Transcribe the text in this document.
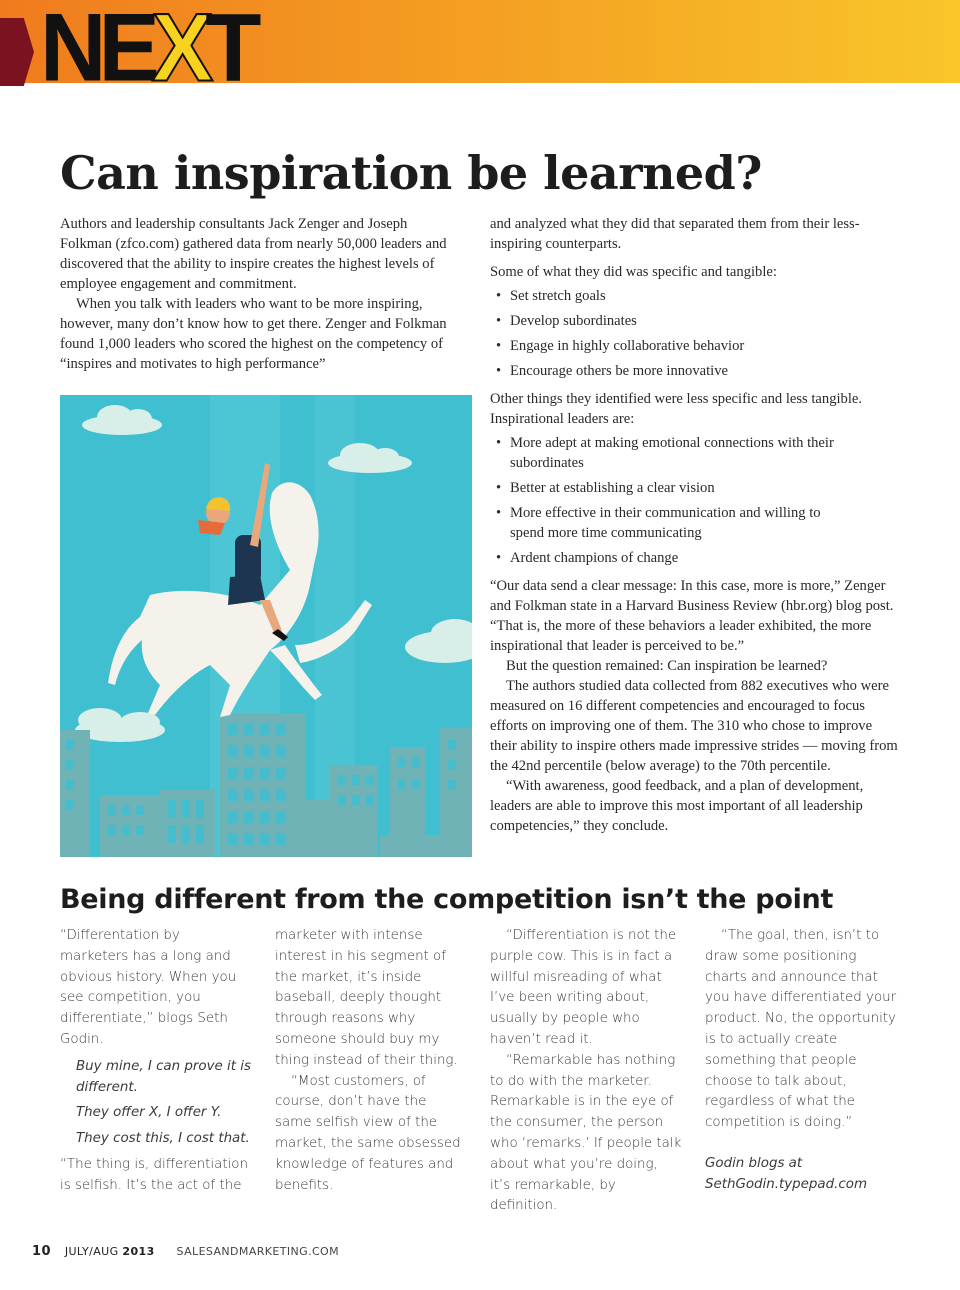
NEXT
Can inspiration be learned?

Authors and leadership consultants Jack Zenger and Joseph Folkman (zfco.com) gathered data from nearly 50,000 leaders and discovered that the ability to inspire creates the highest levels of employee engagement and commitment.

When you talk with leaders who want to be more inspiring, however, many don’t know how to get there. Zenger and Folkman found 1,000 leaders who scored the highest on the competency of “inspires and motivates to high performance”

and analyzed what they did that separated them from their less-inspiring counterparts.

Some of what they did was specific and tangible:

• Set stretch goals
• Develop subordinates
• Engage in highly collaborative behavior
• Encourage others be more innovative

Other things they identified were less specific and less tangible. Inspirational leaders are:

• More adept at making emotional connections with their subordinates
• Better at establishing a clear vision
• More effective in their communication and willing to spend more time communicating
• Ardent champions of change

“Our data send a clear message: In this case, more is more,” Zenger and Folkman state in a Harvard Business Review (hbr.org) blog post. “That is, the more of these behaviors a leader exhibited, the more inspirational that leader is perceived to be.”

But the question remained: Can inspiration be learned?

The authors studied data collected from 882 executives who were measured on 16 different competencies and encouraged to focus efforts on improving one of them. The 310 who chose to improve their ability to inspire others made impressive strides — moving from the 42nd percentile (below average) to the 70th percentile.

“With awareness, good feedback, and a plan of development, leaders are able to improve this most important of all leadership competencies,” they conclude.

Being different from the competition isn’t the point

“Differentation by marketers has a long and obvious history. When you see competition, you differentiate,” blogs Seth Godin.

Buy mine, I can prove it is different.

They offer X, I offer Y.

They cost this, I cost that.

“The thing is, differentiation is selfish. It’s the act of the

marketer with intense interest in his segment of the market, it’s inside baseball, deeply thought through reasons why someone should buy my thing instead of their thing.

“Most customers, of course, don’t have the same selfish view of the market, the same obsessed knowledge of features and benefits.

“Differentiation is not the purple cow. This is in fact a willful misreading of what I’ve been writing about, usually by people who haven’t read it.

“Remarkable has nothing to do with the marketer. Remarkable is in the eye of the consumer, the person who ‘remarks.’ If people talk about what you’re doing, it’s remarkable, by definition.

“The goal, then, isn’t to draw some positioning charts and announce that you have differentiated your product. No, the opportunity is to actually create something that people choose to talk about, regardless of what the competition is doing.”

Godin blogs at SethGodin.typepad.com

10 JULY/AUG 2013 SALESANDMARKETING.COM
